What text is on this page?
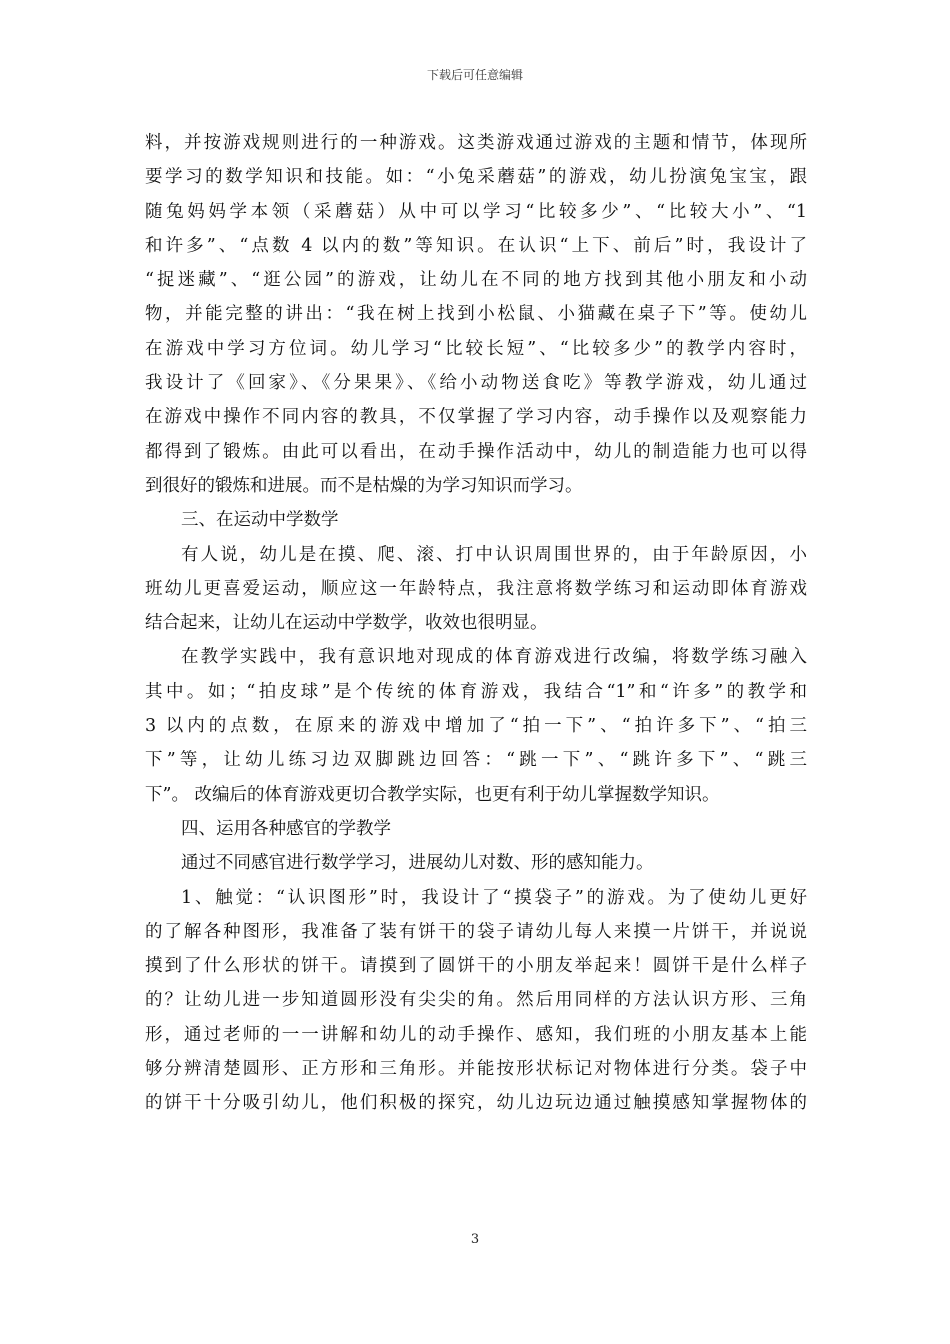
下载后可任意编辑

料，并按游戏规则进行的一种游戏。这类游戏通过游戏的主题和情节，体现所

要学习的数学知识和技能。如：“小兔采蘑菇”的游戏，幼儿扮演兔宝宝，跟

随兔妈妈学本领（采蘑菇）从中可以学习“比较多少”、“比较大小”、“1

和许多”、“点数 4 以内的数”等知识。在认识“上下、前后”时，我设计了

“捉迷藏”、“逛公园”的游戏，让幼儿在不同的地方找到其他小朋友和小动

物，并能完整的讲出：“我在树上找到小松鼠、小猫藏在桌子下”等。使幼儿

在游戏中学习方位词。幼儿学习“比较长短”、“比较多少”的教学内容时，

我设计了《回家》、《分果果》、《给小动物送食吃》等教学游戏，幼儿通过

在游戏中操作不同内容的教具，不仅掌握了学习内容，动手操作以及观察能力

都得到了锻炼。由此可以看出，在动手操作活动中，幼儿的制造能力也可以得

到很好的锻炼和进展。而不是枯燥的为学习知识而学习。

三、在运动中学数学

有人说，幼儿是在摸、爬、滚、打中认识周围世界的，由于年龄原因，小

班幼儿更喜爱运动，顺应这一年龄特点，我注意将数学练习和运动即体育游戏

结合起来，让幼儿在运动中学数学，收效也很明显。

在教学实践中，我有意识地对现成的体育游戏进行改编，将数学练习融入

其中。如；“拍皮球”是个传统的体育游戏，我结合“1”和“许多”的教学和

3 以内的点数，在原来的游戏中增加了“拍一下”、“拍许多下”、“拍三

下”等，让幼儿练习边双脚跳边回答：“跳一下”、“跳许多下”、“跳三

下”。 改编后的体育游戏更切合教学实际，也更有利于幼儿掌握数学知识。

四、运用各种感官的学教学

通过不同感官进行数学学习，进展幼儿对数、形的感知能力。

1、触觉：“认识图形”时，我设计了“摸袋子”的游戏。为了使幼儿更好

的了解各种图形，我准备了装有饼干的袋子请幼儿每人来摸一片饼干，并说说

摸到了什么形状的饼干。请摸到了圆饼干的小朋友举起来！圆饼干是什么样子

的？让幼儿进一步知道圆形没有尖尖的角。然后用同样的方法认识方形、三角

形，通过老师的一一讲解和幼儿的动手操作、感知，我们班的小朋友基本上能

够分辨清楚圆形、正方形和三角形。并能按形状标记对物体进行分类。袋子中

的饼干十分吸引幼儿，他们积极的探究，幼儿边玩边通过触摸感知掌握物体的

3
